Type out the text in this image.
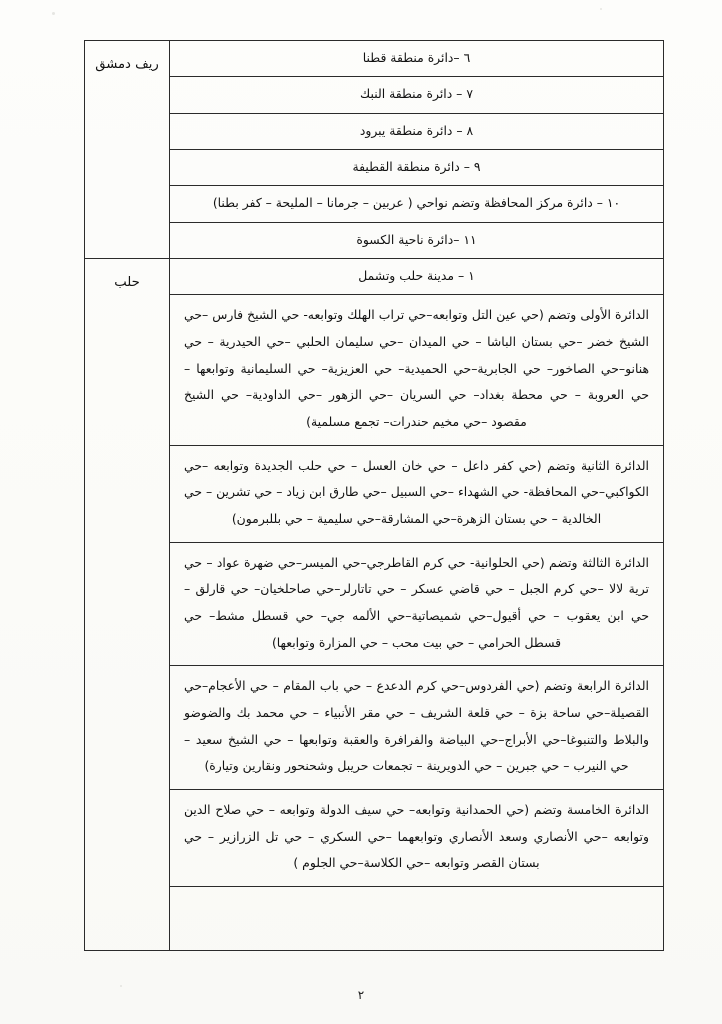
٦ –دائرة منطقة قطنا	ريف دمشق

٧ – دائرة منطقة النبك	
٨ – دائرة منطقة يبرود	
٩ – دائرة منطقة القطيفة	
١٠ – دائرة مركز المحافظة وتضم نواحي ( عربين – جرمانا – المليحة – كفر بطنا)	
١١ –دائرة ناحية الكسوة	
١ – مدينة حلب وتشمل	حلب

الدائرة الأولى وتضم (حي عين التل وتوابعه–حي تراب الهلك وتوابعه- حي الشيخ فارس –حي الشيخ خضر –حي بستان الباشا – حي الميدان –حي سليمان الحلبي –حي الحيدرية – حي هنانو–حي الصاخور– حي الجابرية–حي الحميدية– حي العزيزية– حي السليمانية وتوابعها – حي العروبة – حي محطة بغداد– حي السريان –حي الزهور –حي الداودية– حي الشيخ مقصود –حي مخيم حندرات– تجمع مسلمية)	
الدائرة الثانية وتضم (حي كفر داعل – حي خان العسل – حي حلب الجديدة وتوابعه –حي الكواكبي–حي المحافظة- حي الشهداء –حي السبيل –حي طارق ابن زياد – حي تشرين – حي الخالدية – حي بستان الزهرة–حي المشارقة–حي سليمية – حي بللبرمون)	
الدائرة الثالثة وتضم (حي الحلوانية- حي كرم القاطرجي–حي الميسر–حي ضهرة عواد – حي ترية لالا –حي كرم الجبل – حي قاضي عسكر – حي تاتارلر–حي صاحلخيان– حي قارلق – حي ابن يعقوب – حي أقيول–حي شميصاتية–حي الألمه جي– حي قسطل مشط– حي قسطل الحرامي – حي بيت محب – حي المزارة وتوابعها)	
الدائرة الرابعة وتضم (حي الفردوس–حي كرم الدعدع – حي باب المقام – حي الأعجام–حي القصيلة–حي ساحة بزة – حي قلعة الشريف – حي مقر الأنبياء – حي محمد بك والضوضو والبلاط والتنبوغا–حي الأبراج–حي البياضة والفرافرة والعقبة وتوابعها – حي الشيخ سعيد – حي النيرب – حي جبرين – حي الدويرينة – تجمعات حريبل وشحنحور ونقارين وتيارة)	
الدائرة الخامسة وتضم (حي الحمدانية وتوابعه– حي سيف الدولة وتوابعه – حي صلاح الدين وتوابعه –حي الأنصاري وسعد الأنصاري وتوابعهما –حي السكري – حي تل الزرازير – حي بستان القصر وتوابعه –حي الكلاسة–حي الجلوم )	

٢
